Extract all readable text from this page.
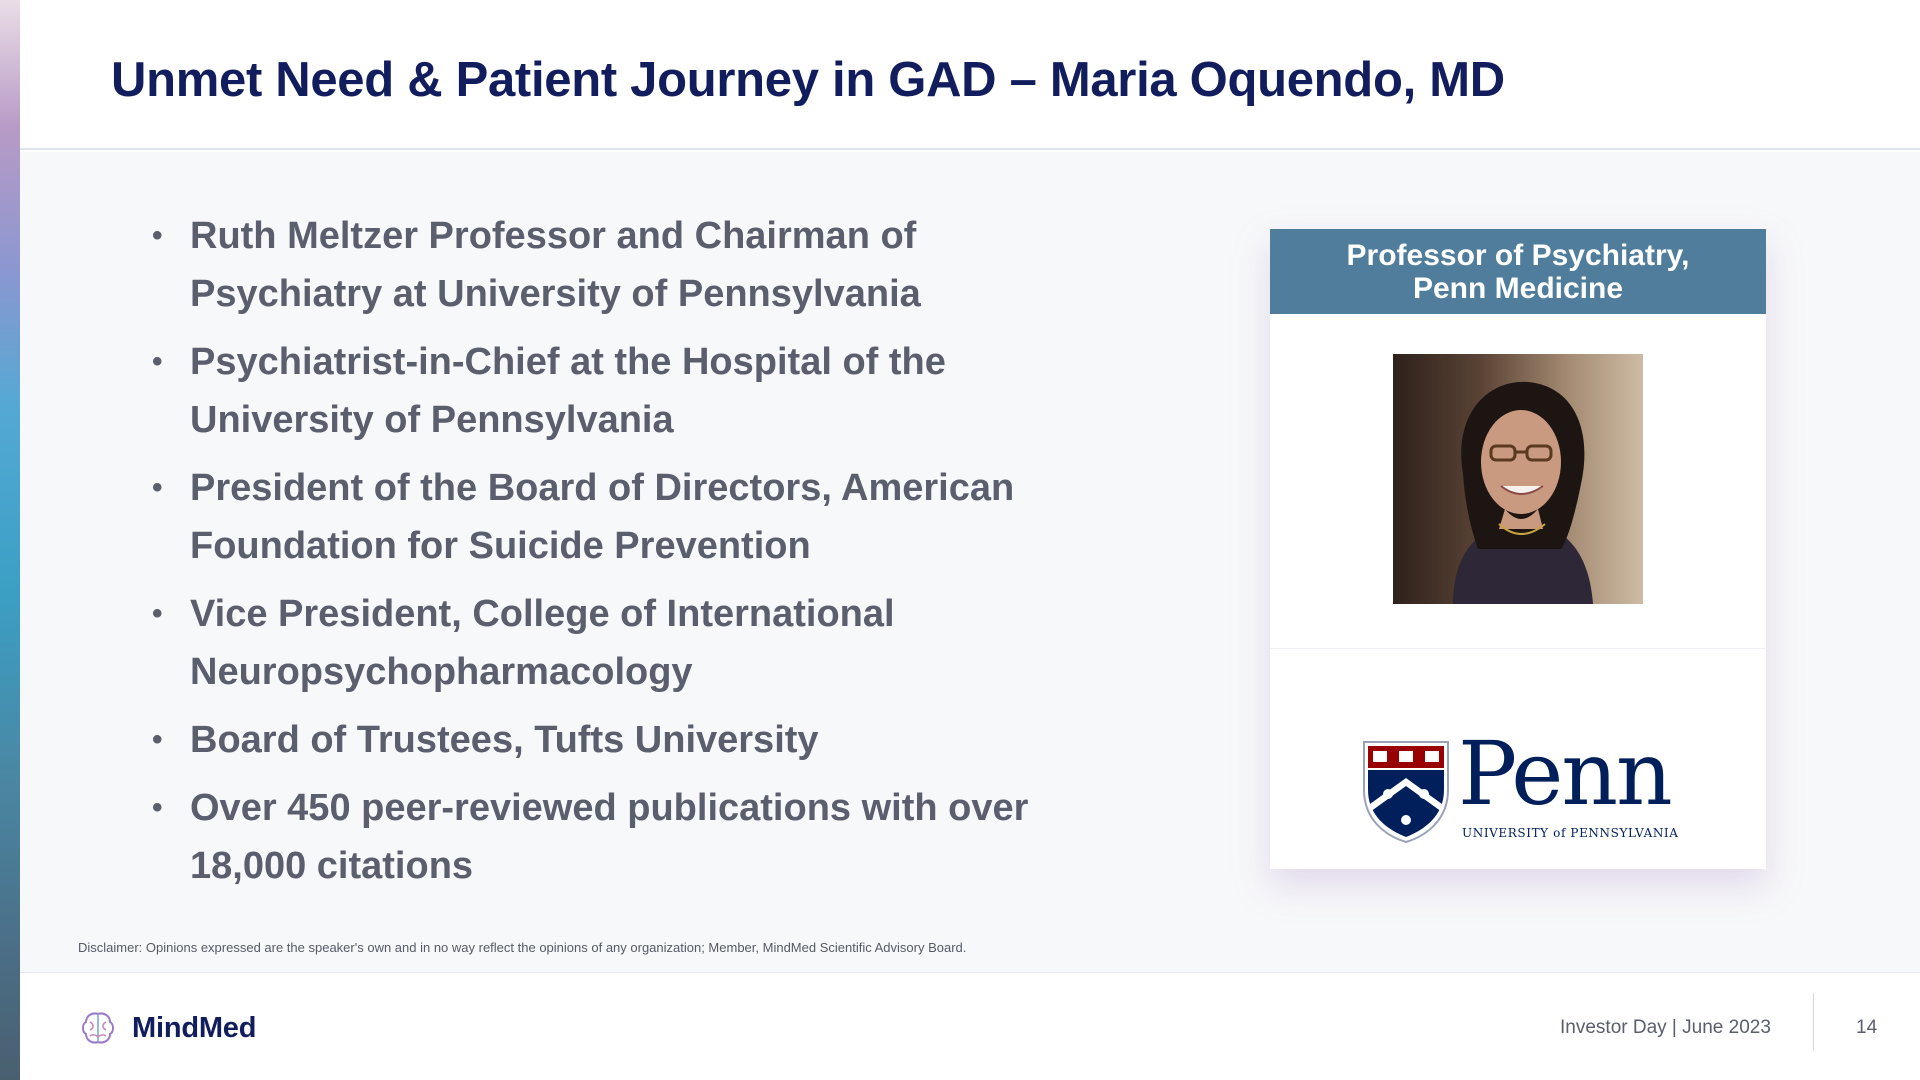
Unmet Need & Patient Journey in GAD – Maria Oquendo, MD
• Ruth Meltzer Professor and Chairman of Psychiatry at University of Pennsylvania
• Psychiatrist-in-Chief at the Hospital of the University of Pennsylvania
• President of the Board of Directors, American Foundation for Suicide Prevention
• Vice President, College of International Neuropsychopharmacology
• Board of Trustees, Tufts University
• Over 450 peer-reviewed publications with over 18,000 citations
Professor of Psychiatry,
Penn Medicine
Penn
UNIVERSITY of PENNSYLVANIA
Disclaimer: Opinions expressed are the speaker's own and in no way reflect the opinions of any organization; Member, MindMed Scientific Advisory Board.
MindMed	Investor Day | June 2023	14
